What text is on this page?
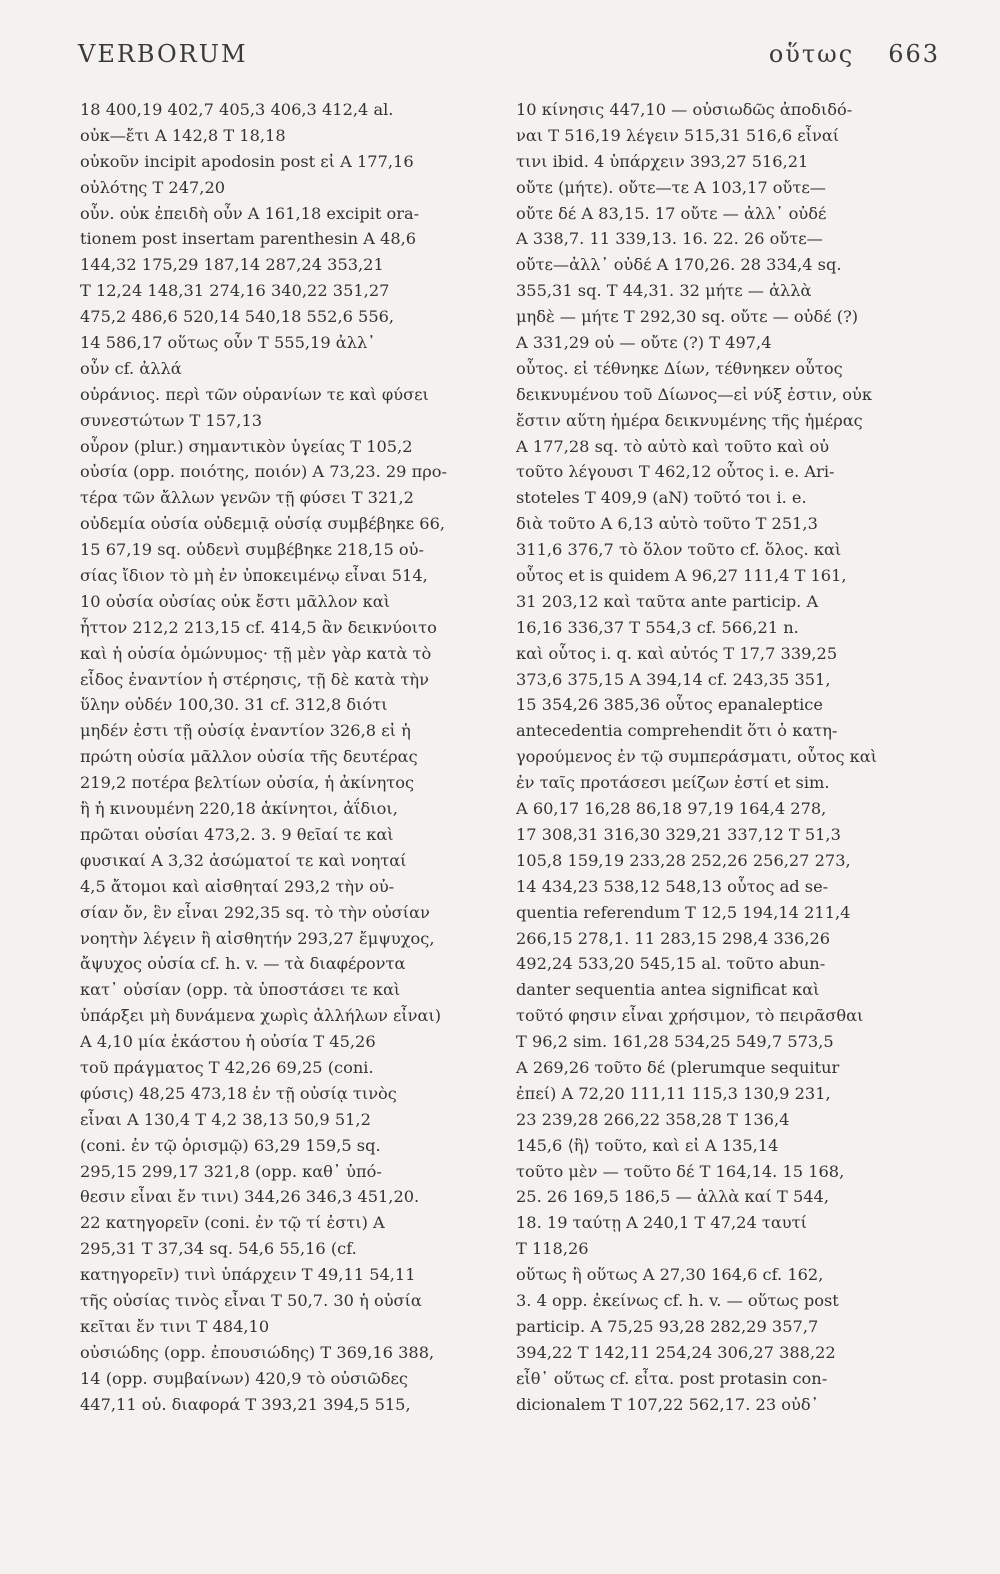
VERBORUM	οὕτως 663
18 400,19 402,7 405,3 406,3 412,4 al.
οὐκ—ἔτι Α 142,8 Τ 18,18
οὐκοῦν incipit apodosin post εἰ Α 177,16
οὐλότης Τ 247,20
οὖν. οὐκ ἐπειδὴ οὖν Α 161,18 excipit ora-
tionem post insertam parenthesin Α 48,6
144,32 175,29 187,14 287,24 353,21
Τ 12,24 148,31 274,16 340,22 351,27
475,2 486,6 520,14 540,18 552,6 556,
14 586,17 οὕτως οὖν Τ 555,19 ἀλλ᾽
οὖν cf. ἀλλά
οὐράνιος. περὶ τῶν οὐρανίων τε καὶ φύσει
συνεστώτων Τ 157,13
οὖρον (plur.) σημαντικὸν ὑγείας Τ 105,2
οὐσία (opp. ποιότης, ποιόν) Α 73,23. 29 προ-
τέρα τῶν ἄλλων γενῶν τῇ φύσει Τ 321,2
οὐδεμία οὐσία οὐδεμιᾷ οὐσίᾳ συμβέβηκε 66,
15 67,19 sq. οὐδενὶ συμβέβηκε 218,15 οὐ-
σίας ἴδιον τὸ μὴ ἐν ὑποκειμένῳ εἶναι 514,
10 οὐσία οὐσίας οὐκ ἔστι μᾶλλον καὶ
ἧττον 212,2 213,15 cf. 414,5 ἂν δεικνύοιτο
καὶ ἡ οὐσία ὁμώνυμος· τῇ μὲν γὰρ κατὰ τὸ
εἶδος ἐναντίον ἡ στέρησις, τῇ δὲ κατὰ τὴν
ὕλην οὐδέν 100,30. 31 cf. 312,8 διότι
μηδέν ἐστι τῇ οὐσίᾳ ἐναντίον 326,8 εἰ ἡ
πρώτη οὐσία μᾶλλον οὐσία τῆς δευτέρας
219,2 ποτέρα βελτίων οὐσία, ἡ ἀκίνητος
ἢ ἡ κινουμένη 220,18 ἀκίνητοι, ἀΐδιοι,
πρῶται οὐσίαι 473,2. 3. 9 θεῖαί τε καὶ
φυσικαί Α 3,32 ἀσώματοί τε καὶ νοηταί
4,5 ἄτομοι καὶ αἰσθηταί 293,2 τὴν οὐ-
σίαν ὄν, ἓν εἶναι 292,35 sq. τὸ τὴν οὐσίαν
νοητὴν λέγειν ἢ αἰσθητήν 293,27 ἔμψυχος,
ἄψυχος οὐσία cf. h. v. — τὰ διαφέροντα
κατ᾽ οὐσίαν (opp. τὰ ὑποστάσει τε καὶ
ὑπάρξει μὴ δυνάμενα χωρὶς ἀλλήλων εἶναι)
Α 4,10 μία ἑκάστου ἡ οὐσία Τ 45,26
τοῦ πράγματος Τ 42,26 69,25 (coni.
φύσις) 48,25 473,18 ἐν τῇ οὐσίᾳ τινὸς
εἶναι Α 130,4 Τ 4,2 38,13 50,9 51,2
(coni. ἐν τῷ ὁρισμῷ) 63,29 159,5 sq.
295,15 299,17 321,8 (opp. καθ᾽ ὑπό-
θεσιν εἶναι ἔν τινι) 344,26 346,3 451,20.
22 κατηγορεῖν (coni. ἐν τῷ τί ἐστι) Α
295,31 Τ 37,34 sq. 54,6 55,16 (cf.
κατηγορεῖν) τινὶ ὑπάρχειν Τ 49,11 54,11
τῆς οὐσίας τινὸς εἶναι Τ 50,7. 30 ἡ οὐσία
κεῖται ἔν τινι Τ 484,10
οὐσιώδης (opp. ἐπουσιώδης) Τ 369,16 388,
14 (opp. συμβαίνων) 420,9 τὸ οὐσιῶδες
447,11 οὐ. διαφορά Τ 393,21 394,5 515,
10 κίνησις 447,10 — οὐσιωδῶς ἀποδιδό-
ναι Τ 516,19 λέγειν 515,31 516,6 εἶναί
τινι ibid. 4 ὑπάρχειν 393,27 516,21
οὔτε (μήτε). οὔτε—τε Α 103,17 οὔτε—
οὔτε δέ Α 83,15. 17 οὔτε — ἀλλ᾽ οὐδέ
Α 338,7. 11 339,13. 16. 22. 26 οὔτε—
οὔτε—ἀλλ᾽ οὐδέ Α 170,26. 28 334,4 sq.
355,31 sq. Τ 44,31. 32 μήτε — ἀλλὰ
μηδὲ — μήτε Τ 292,30 sq. οὔτε — οὐδέ (?)
Α 331,29 οὐ — οὔτε (?) Τ 497,4
οὗτος. εἰ τέθνηκε Δίων, τέθνηκεν οὗτος
δεικνυμένου τοῦ Δίωνος—εἰ νύξ ἐστιν, οὐκ
ἔστιν αὕτη ἡμέρα δεικνυμένης τῆς ἡμέρας
Α 177,28 sq. τὸ αὐτὸ καὶ τοῦτο καὶ οὐ
τοῦτο λέγουσι Τ 462,12 οὗτος i. e. Ari-
stoteles Τ 409,9 (aN) τοῦτό τοι i. e.
διὰ τοῦτο Α 6,13 αὐτὸ τοῦτο Τ 251,3
311,6 376,7 τὸ ὅλον τοῦτο cf. ὅλος. καὶ
οὗτος et is quidem Α 96,27 111,4 Τ 161,
31 203,12 καὶ ταῦτα ante particip. Α
16,16 336,37 Τ 554,3 cf. 566,21 n.
καὶ οὗτος i. q. καὶ αὐτός Τ 17,7 339,25
373,6 375,15 Α 394,14 cf. 243,35 351,
15 354,26 385,36 οὗτος epanaleptice
antecedentia comprehendit ὅτι ὁ κατη-
γορούμενος ἐν τῷ συμπεράσματι, οὗτος καὶ
ἐν ταῖς προτάσεσι μείζων ἐστί et sim.
Α 60,17 16,28 86,18 97,19 164,4 278,
17 308,31 316,30 329,21 337,12 Τ 51,3
105,8 159,19 233,28 252,26 256,27 273,
14 434,23 538,12 548,13 οὗτος ad se-
quentia referendum Τ 12,5 194,14 211,4
266,15 278,1. 11 283,15 298,4 336,26
492,24 533,20 545,15 al. τοῦτο abun-
danter sequentia antea significat καὶ
τοῦτό φησιν εἶναι χρήσιμον, τὸ πειρᾶσθαι
Τ 96,2 sim. 161,28 534,25 549,7 573,5
Α 269,26 τοῦτο δέ (plerumque sequitur
ἐπεί) Α 72,20 111,11 115,3 130,9 231,
23 239,28 266,22 358,28 Τ 136,4
145,6 ⟨ἢ⟩ τοῦτο, καὶ εἰ Α 135,14
τοῦτο μὲν — τοῦτο δέ Τ 164,14. 15 168,
25. 26 169,5 186,5 — ἀλλὰ καί Τ 544,
18. 19 ταύτῃ Α 240,1 Τ 47,24 ταυτί
Τ 118,26
οὕτως ἢ οὕτως Α 27,30 164,6 cf. 162,
3. 4 opp. ἐκείνως cf. h. v. — οὕτως post
particip. Α 75,25 93,28 282,29 357,7
394,22 Τ 142,11 254,24 306,27 388,22
εἶθ᾽ οὕτως cf. εἶτα. post protasin con-
dicionalem Τ 107,22 562,17. 23 οὐδ᾽
